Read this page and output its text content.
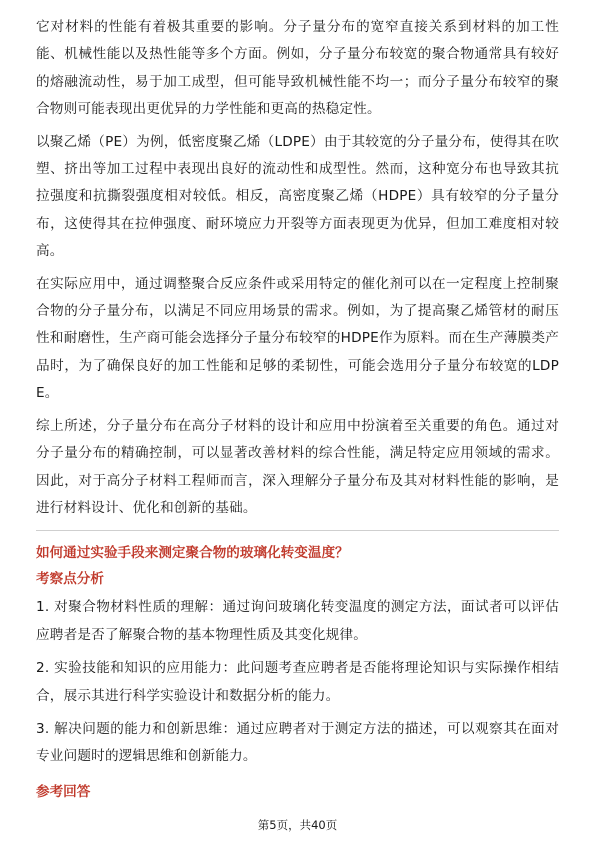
它对材料的性能有着极其重要的影响。分子量分布的宽窄直接关系到材料的加工性能、机械性能以及热性能等多个方面。例如，分子量分布较宽的聚合物通常具有较好的熔融流动性，易于加工成型，但可能导致机械性能不均一；而分子量分布较窄的聚合物则可能表现出更优异的力学性能和更高的热稳定性。

以聚乙烯（PE）为例，低密度聚乙烯（LDPE）由于其较宽的分子量分布，使得其在吹塑、挤出等加工过程中表现出良好的流动性和成型性。然而，这种宽分布也导致其抗拉强度和抗撕裂强度相对较低。相反，高密度聚乙烯（HDPE）具有较窄的分子量分布，这使得其在拉伸强度、耐环境应力开裂等方面表现更为优异，但加工难度相对较高。

在实际应用中，通过调整聚合反应条件或采用特定的催化剂可以在一定程度上控制聚合物的分子量分布，以满足不同应用场景的需求。例如，为了提高聚乙烯管材的耐压性和耐磨性，生产商可能会选择分子量分布较窄的HDPE作为原料。而在生产薄膜类产品时，为了确保良好的加工性能和足够的柔韧性，可能会选用分子量分布较宽的LDPE。

综上所述，分子量分布在高分子材料的设计和应用中扮演着至关重要的角色。通过对分子量分布的精确控制，可以显著改善材料的综合性能，满足特定应用领域的需求。因此，对于高分子材料工程师而言，深入理解分子量分布及其对材料性能的影响，是进行材料设计、优化和创新的基础。

如何通过实验手段来测定聚合物的玻璃化转变温度？

考察点分析

1. 对聚合物材料性质的理解：通过询问玻璃化转变温度的测定方法，面试者可以评估应聘者是否了解聚合物的基本物理性质及其变化规律。

2. 实验技能和知识的应用能力：此问题考查应聘者是否能将理论知识与实际操作相结合，展示其进行科学实验设计和数据分析的能力。

3. 解决问题的能力和创新思维：通过应聘者对于测定方法的描述，可以观察其在面对专业问题时的逻辑思维和创新能力。

参考回答

第5页，共40页
